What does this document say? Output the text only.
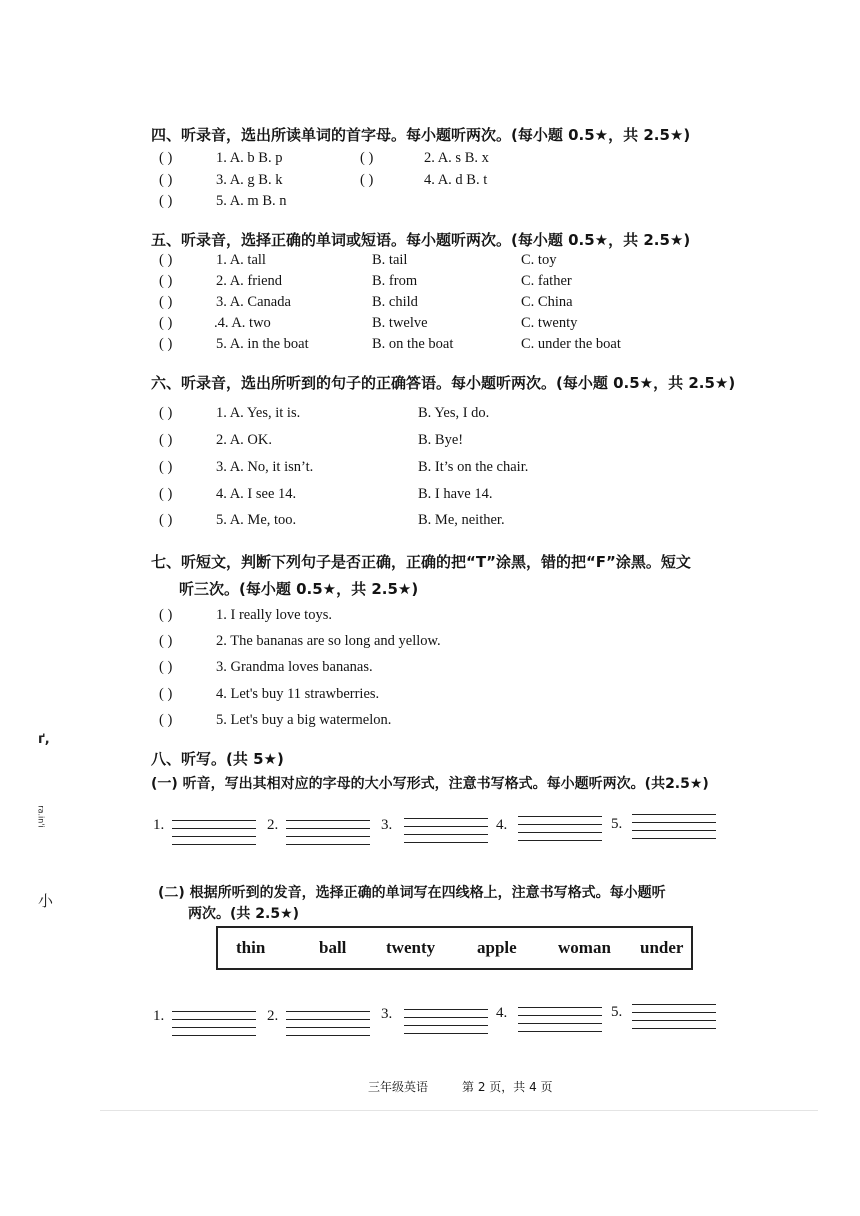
ґ,
ra.in'i
小
四、听录音，选出所读单词的首字母。每小题听两次。(每小题 0.5★，共 2.5★)
( )	1. A. b B. p	( )	2. A. s B. x
( )	3. A. g B. k	( )	4. A. d B. t
( )	5. A. m B. n
五、听录音，选择正确的单词或短语。每小题听两次。(每小题 0.5★，共 2.5★)
( )	1. A. tall	B. tail	C. toy
( )	2. A. friend	B. from	C. father
( )	3. A. Canada	B. child	C. China
( )	.4. A. two	B. twelve	C. twenty
( )	5. A. in the boat	B. on the boat	C. under the boat
六、听录音，选出所听到的句子的正确答语。每小题听两次。(每小题 0.5★，共 2.5★)
( )	1. A. Yes, it is.	B. Yes, I do.
( )	2. A. OK.	B. Bye!
( )	3. A. No, it isn’t.	B. It’s on the chair.
( )	4. A. I see 14.	B. I have 14.
( )	5. A. Me, too.	B. Me, neither.
七、听短文，判断下列句子是否正确，正确的把“T”涂黑，错的把“F”涂黑。短文
听三次。(每小题 0.5★，共 2.5★)
( )	1. I really love toys.
( )	2. The bananas are so long and yellow.
( )	3. Grandma loves bananas.
( )	4. Let's buy 11 strawberries.
( )	5. Let's buy a big watermelon.
八、听写。(共 5★)
(一) 听音，写出其相对应的字母的大小写形式，注意书写格式。每小题听两次。(共2.5★)
1.	2.	3.	4.	5.
(二) 根据所听到的发音，选择正确的单词写在四线格上，注意书写格式。每小题听
两次。(共 2.5★)
thin	ball twenty apple woman under
1.	2.	3.	4.	5.
三年级英语	第 2 页，共 4 页
